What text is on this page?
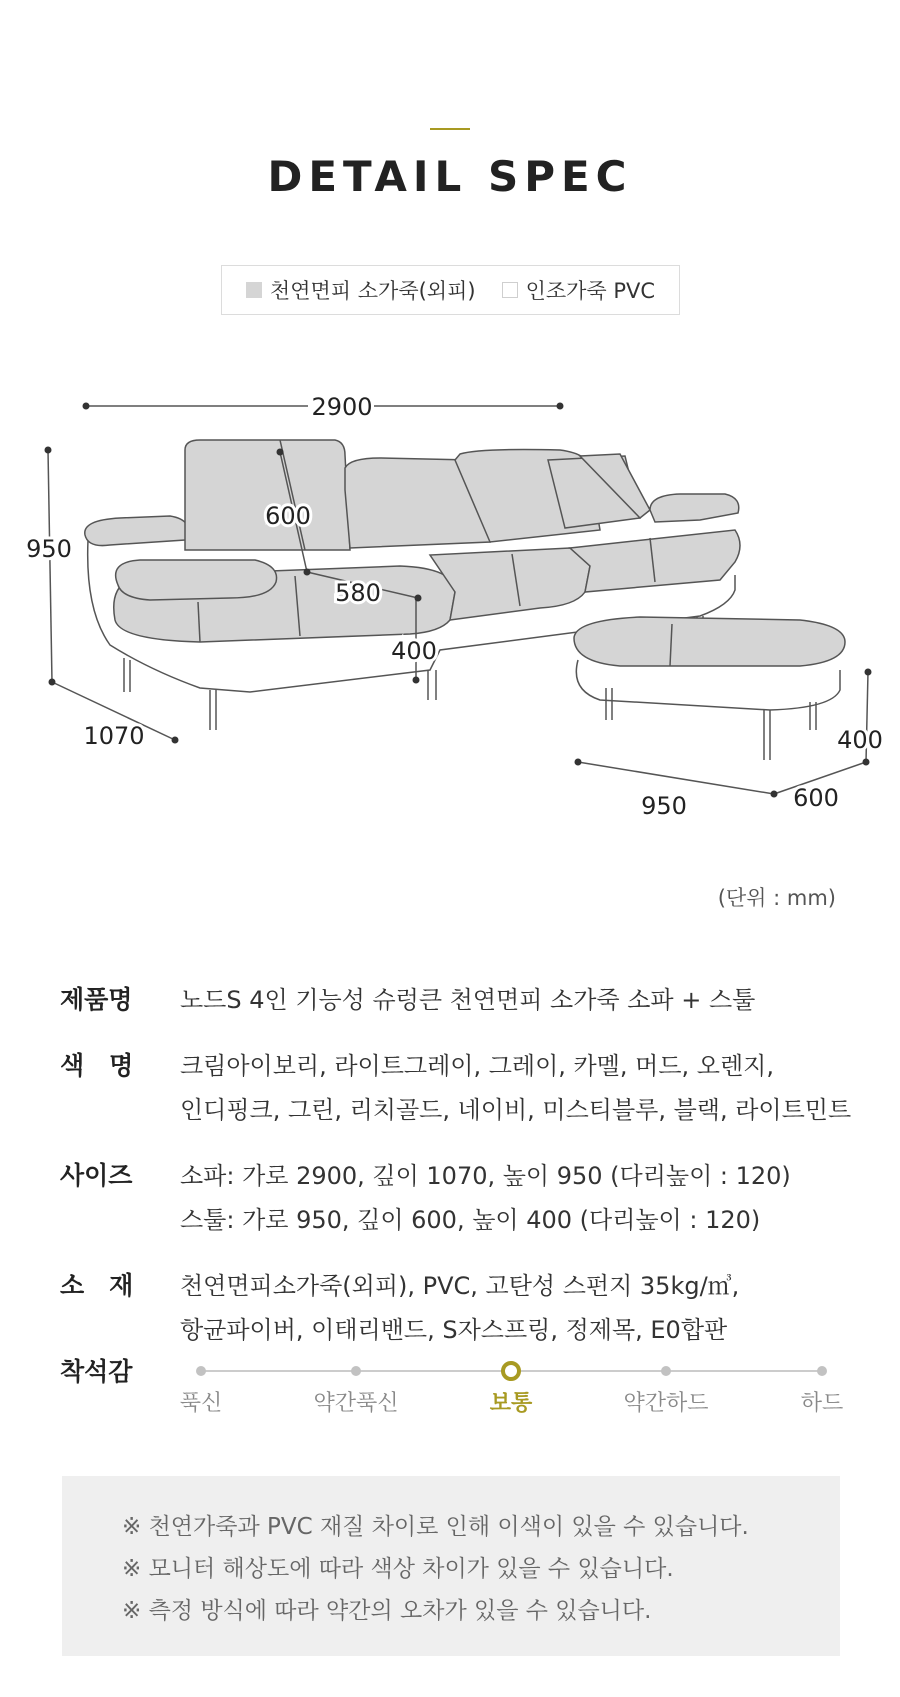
DETAIL SPEC
천연면피 소가죽(외피) 인조가죽 PVC
2900
950
1070
600
580
400
950	600
400
(단위 : mm)
제품명	노드S 4인 기능성 슈렁큰 천연면피 소가죽 소파 + 스툴
색　명	크림아이보리, 라이트그레이, 그레이, 카멜, 머드, 오렌지,
인디핑크, 그린, 리치골드, 네이비, 미스티블루, 블랙, 라이트민트
사이즈	소파: 가로 2900, 깊이 1070, 높이 950 (다리높이 : 120)
스툴: 가로 950, 깊이 600, 높이 400 (다리높이 : 120)
소　재	천연면피소가죽(외피), PVC, 고탄성 스펀지 35kg/㎥,
항균파이버, 이태리밴드, S자스프링, 정제목, E0합판
착석감
푹신	약간푹신	보통	약간하드	하드
※ 천연가죽과 PVC 재질 차이로 인해 이색이 있을 수 있습니다.
※ 모니터 해상도에 따라 색상 차이가 있을 수 있습니다.
※ 측정 방식에 따라 약간의 오차가 있을 수 있습니다.
